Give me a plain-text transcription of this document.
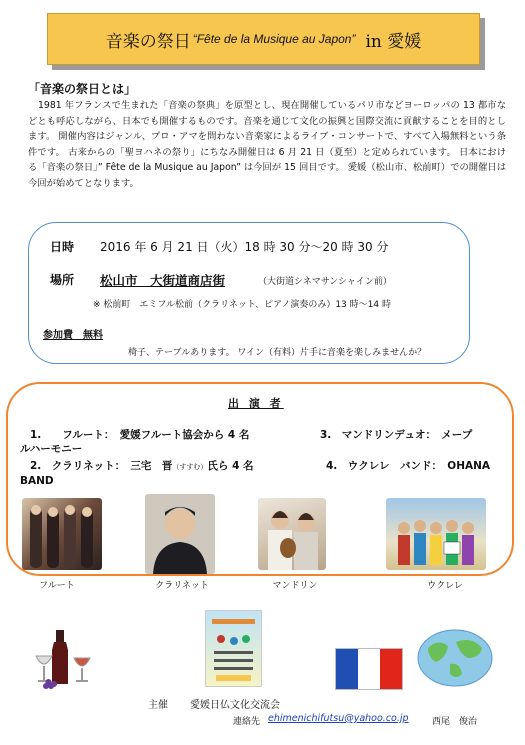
音楽の祭日 “Fête de la Musique au Japon” in 愛媛
「音楽の祭日とは」
1981 年フランスで生まれた「音楽の祭典」を原型とし、現在開催しているパリ市などヨーロッパの 13 都市などとも呼応しながら、日本でも開催するものです。音楽を通じて文化の振興と国際交流に貢献することを目的とします。 開催内容はジャンル、プロ・アマを問わない音楽家によるライブ・コンサートで、すべて入場無料という条件です。 古来からの「聖ヨハネの祭り」にちなみ開催日は 6 月 21 日（夏至）と定められています。 日本における「音楽の祭日」” Fête de la Musique au Japon” は今回が 15 回目です。 愛媛（松山市、松前町）での開催日は今回が始めてとなります。
日時 2016 年 6 月 21 日（火）18 時 30 分～20 時 30 分
場所 松山市　大街道商店街	（大街道シネマサンシャイン前）
※ 松前町　エミフル松前（クラリネット、ピアノ演奏のみ）13 時～14 時
参加費　無料
椅子、テーブルあります。 ワイン（有料）片手に音楽を楽しみませんか？
出 演 者
1.　　フルート：　愛媛フルート協会から 4 名	3.　マンドリンデュオ：　メープ
ルハーモニー
2.　クラリネット：　三宅　晋（すすむ）氏ら 4 名	4.　ウクレレ　バンド：　OHANA
BAND
フルート	クラリネット	マンドリン	ウクレレ
主催 愛媛日仏文化交流会
連絡先 ehimenichifutsu@yahoo.co.jp	西尾　俊治
